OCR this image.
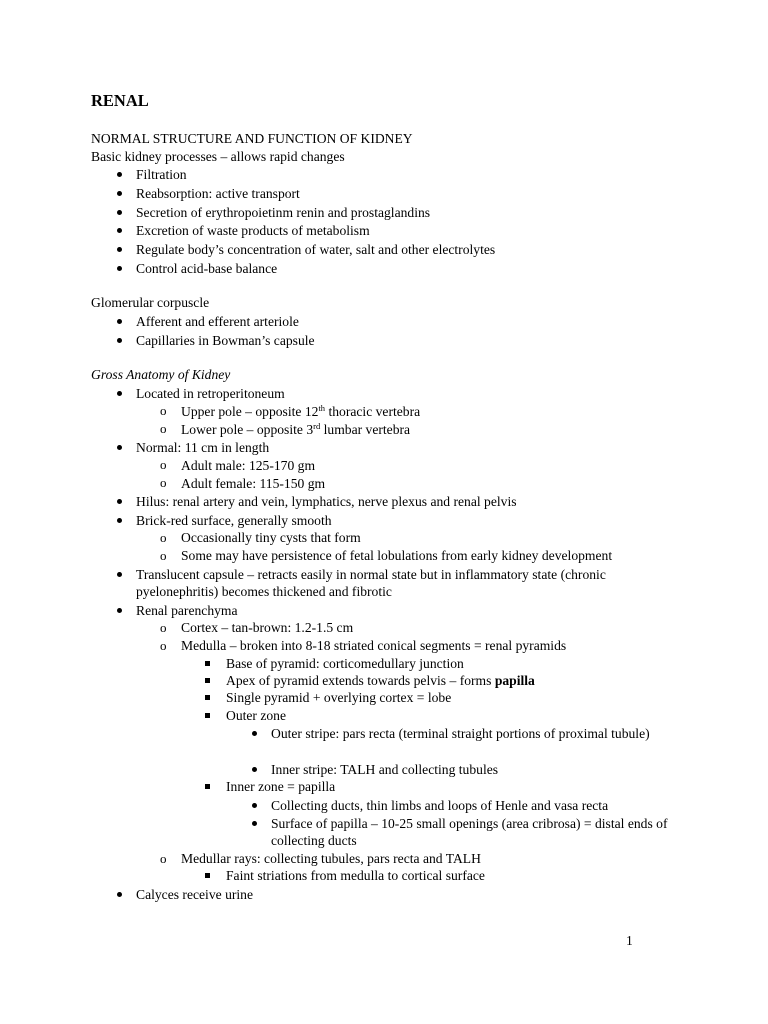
RENAL
NORMAL STRUCTURE AND FUNCTION OF KIDNEY
Basic kidney processes – allows rapid changes
Filtration
Reabsorption: active transport
Secretion of erythropoietinm renin and prostaglandins
Excretion of waste products of metabolism
Regulate body’s concentration of water, salt and other electrolytes
Control acid-base balance
Glomerular corpuscle
Afferent and efferent arteriole
Capillaries in Bowman’s capsule
Gross Anatomy of Kidney
Located in retroperitoneum
o Upper pole – opposite 12th thoracic vertebra
o Lower pole – opposite 3rd lumbar vertebra
Normal: 11 cm in length
o Adult male: 125-170 gm
o Adult female: 115-150 gm
Hilus: renal artery and vein, lymphatics, nerve plexus and renal pelvis
Brick-red surface, generally smooth
o Occasionally tiny cysts that form
o Some may have persistence of fetal lobulations from early kidney development
Translucent capsule – retracts easily in normal state but in inflammatory state (chronic pyelonephritis) becomes thickened and fibrotic
Renal parenchyma
o Cortex – tan-brown: 1.2-1.5 cm
o Medulla – broken into 8-18 striated conical segments = renal pyramids
Base of pyramid: corticomedullary junction
Apex of pyramid extends towards pelvis – forms papilla
Single pyramid + overlying cortex = lobe
Outer zone
Outer stripe: pars recta (terminal straight portions of proximal tubule)
Inner stripe: TALH and collecting tubules
Inner zone = papilla
Collecting ducts, thin limbs and loops of Henle and vasa recta
Surface of papilla – 10-25 small openings (area cribrosa) = distal ends of collecting ducts
o Medullar rays: collecting tubules, pars recta and TALH
Faint striations from medulla to cortical surface
Calyces receive urine
1
